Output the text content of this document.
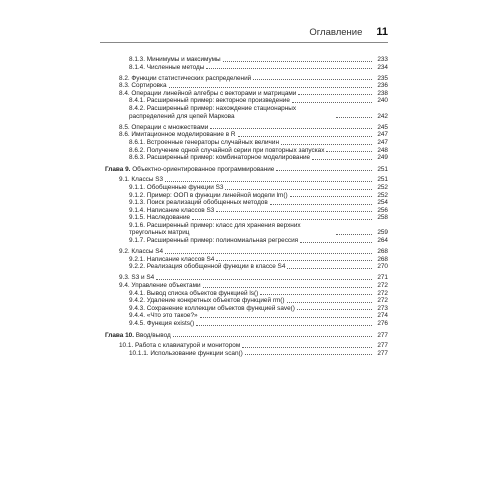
Оглавление 11
8.1.3. Минимумы и максимумы	233
8.1.4. Численные методы	234
8.2. Функции статистических распределений	235
8.3. Сортировка	236
8.4. Операции линейной алгебры с векторами и матрицами	238
8.4.1. Расширенный пример: векторное произведение	240
8.4.2. Расширенный пример: нахождение стационарных распределений для цепей Маркова	242
8.5. Операции с множествами	245
8.6. Имитационное моделирование в R	247
8.6.1. Встроенные генераторы случайных величин	247
8.6.2. Получение одной случайной серии при повторных запусках	248
8.6.3. Расширенный пример: комбинаторное моделирование	249
Глава 9. Объектно-ориентированное программирование	251
9.1. Классы S3	251
9.1.1. Обобщенные функции S3	252
9.1.2. Пример: ООП в функции линейной модели lm()	252
9.1.3. Поиск реализаций обобщенных методов	254
9.1.4. Написание классов S3	256
9.1.5. Наследование	258
9.1.6. Расширенный пример: класс для хранения верхних треугольных матриц	259
9.1.7. Расширенный пример: полиномиальная регрессия	264
9.2. Классы S4	268
9.2.1. Написание классов S4	268
9.2.2. Реализация обобщенной функции в классе S4	270
9.3. S3 и S4	271
9.4. Управление объектами	272
9.4.1. Вывод списка объектов функцией ls()	272
9.4.2. Удаление конкретных объектов функцией rm()	272
9.4.3. Сохранение коллекции объектов функцией save()	273
9.4.4. «Что это такое?»	274
9.4.5. Функция exists()	276
Глава 10. Ввод/вывод	277
10.1. Работа с клавиатурой и монитором	277
10.1.1. Использование функции scan()	277
